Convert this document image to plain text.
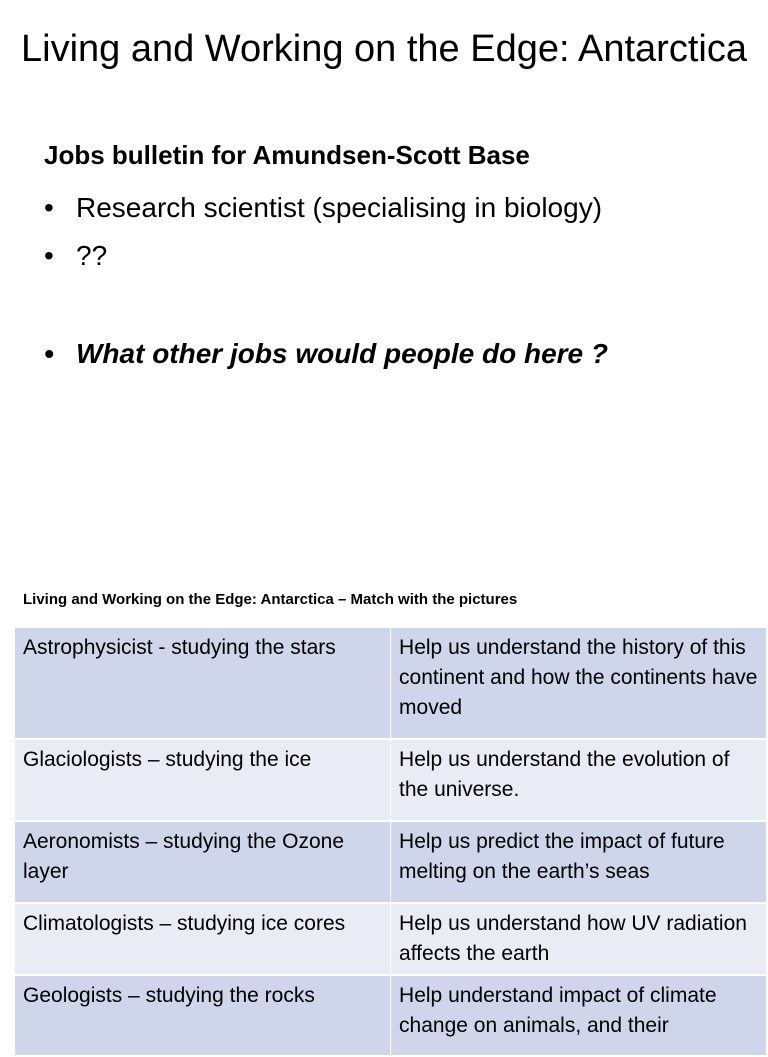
Living and Working on the Edge: Antarctica

Jobs bulletin for Amundsen-Scott Base

• Research scientist (specialising in biology)
• ??
• What other jobs would people do here ?

Living and Working on the Edge: Antarctica – Match with the pictures

Astrophysicist - studying the stars	Help us understand the history of this continent and how the continents have moved
Glaciologists – studying the ice	Help us understand the evolution of the universe.
Aeronomists – studying the Ozone layer	Help us predict the impact of future melting on the earth’s seas
Climatologists – studying ice cores	Help us understand how UV radiation affects the earth
Geologists – studying the rocks	Help understand impact of climate change on animals, and their
